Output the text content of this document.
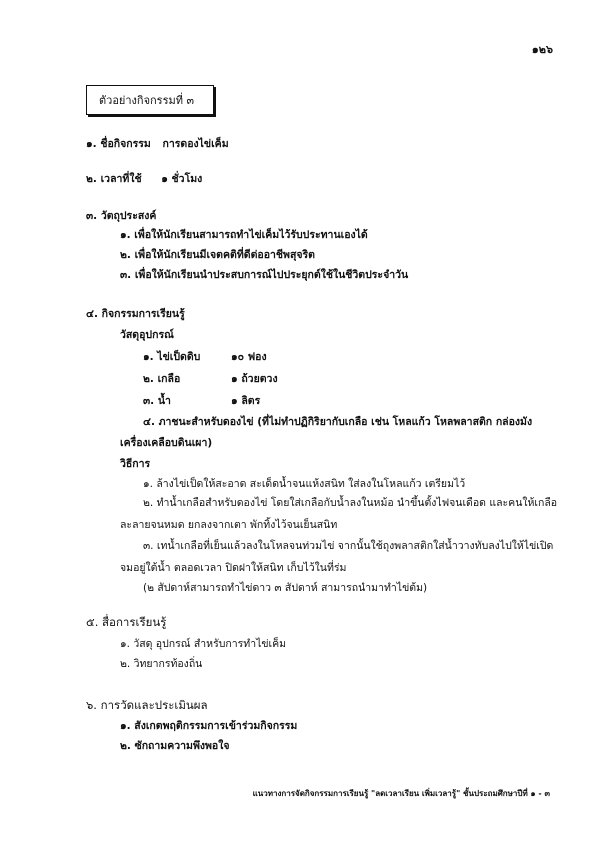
๑๒๖
ตัวอย่างกิจกรรมที่ ๓
๑. ชื่อกิจกรรม การดองไข่เค็ม
๒. เวลาที่ใช้ ๑ ชั่วโมง
๓. วัตถุประสงค์
๑. เพื่อให้นักเรียนสามารถทำไข่เค็มไว้รับประทานเองได้
๒. เพื่อให้นักเรียนมีเจตคติที่ดีต่ออาชีพสุจริต
๓. เพื่อให้นักเรียนนำประสบการณ์ไปประยุกต์ใช้ในชีวิตประจำวัน
๔. กิจกรรมการเรียนรู้
วัสดุอุปกรณ์
๑. ไข่เป็ดดิบ	๑๐ ฟอง
๒. เกลือ	๑ ถ้วยตวง
๓. น้ำ	๑ ลิตร
๔. ภาชนะสำหรับดองไข่ (ที่ไม่ทำปฏิกิริยากับเกลือ เช่น โหลแก้ว โหลพลาสติก กล่องมัง
เครื่องเคลือบดินเผา)
วิธีการ
๑. ล้างไข่เป็ดให้สะอาด สะเด็ดน้ำจนแห้งสนิท ใส่ลงในโหลแก้ว เตรียมไว้
๒. ทำน้ำเกลือสำหรับดองไข่ โดยใส่เกลือกับน้ำลงในหม้อ นำขึ้นตั้งไฟจนเดือด และคนให้เกลือ
ละลายจนหมด ยกลงจากเตา พักทิ้งไว้จนเย็นสนิท
๓. เทน้ำเกลือที่เย็นแล้วลงในโหลจนท่วมไข่ จากนั้นใช้ถุงพลาสติกใส่น้ำวางทับลงไปให้ไข่เปิด
จมอยู่ใต้น้ำ ตลอดเวลา ปิดฝาให้สนิท เก็บไว้ในที่ร่ม
(๒ สัปดาห์สามารถทำไข่ดาว ๓ สัปดาห์ สามารถนำมาทำไข่ต้ม)
๕. สื่อการเรียนรู้
๑. วัสดุ อุปกรณ์ สำหรับการทำไข่เค็ม
๒. วิทยากรท้องถิ่น
๖. การวัดและประเมินผล
๑. สังเกตพฤติกรรมการเข้าร่วมกิจกรรม
๒. ซักถามความพึงพอใจ
แนวทางการจัดกิจกรรมการเรียนรู้ "ลดเวลาเรียน เพิ่มเวลารู้" ชั้นประถมศึกษาปีที่ ๑ - ๓
